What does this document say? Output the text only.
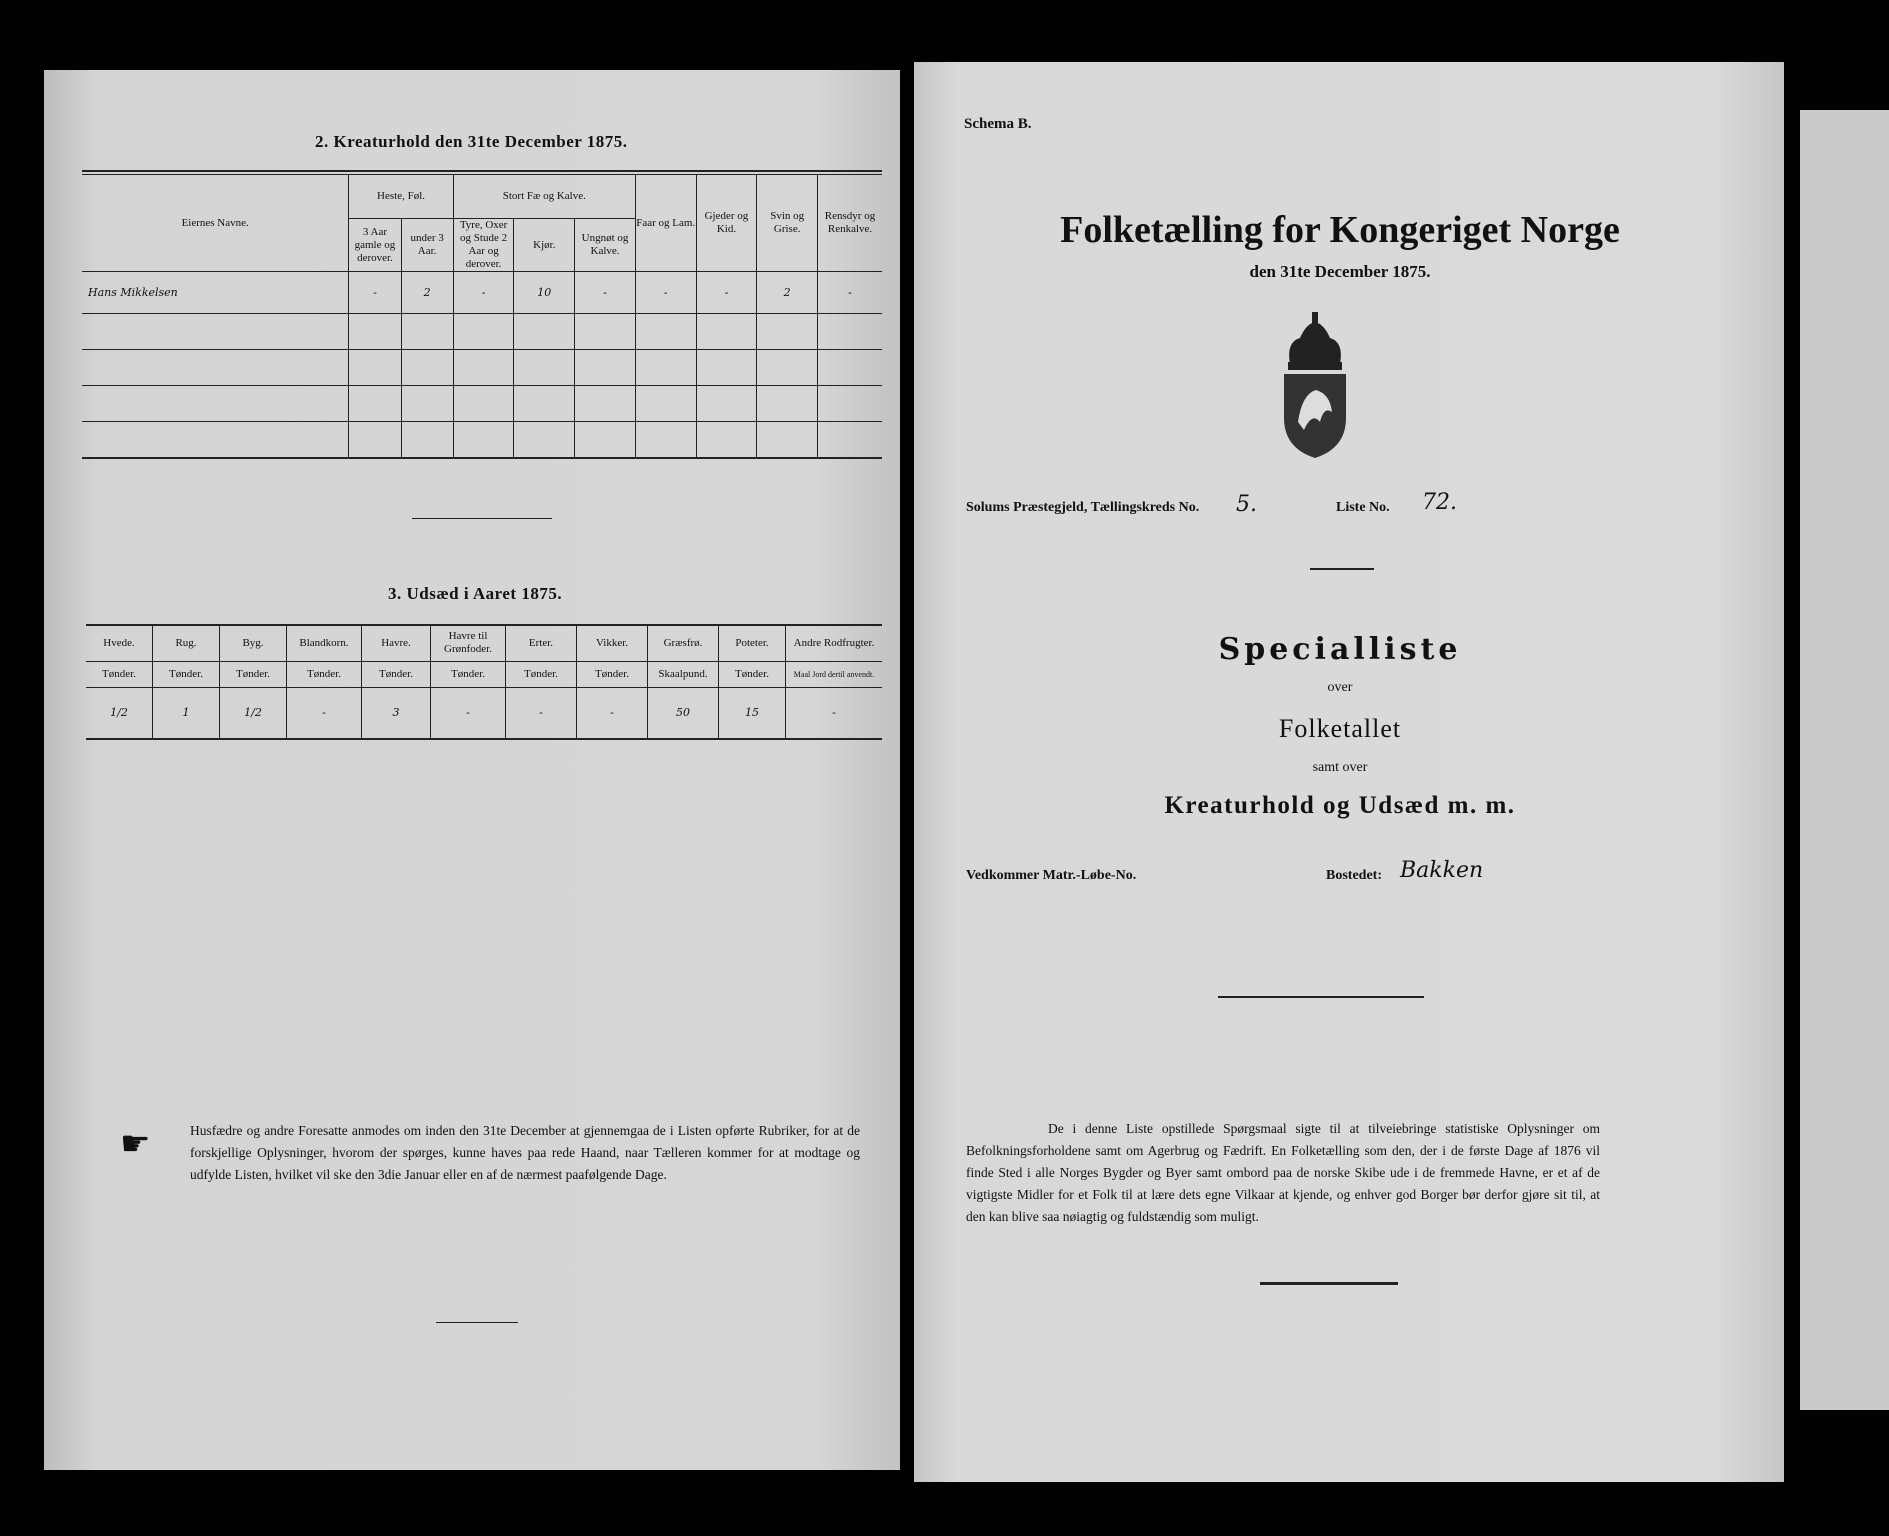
2. Kreaturhold den 31te December 1875.
Eiernes Navne.	Heste, Føl.		Stort Fæ og Kalve.			Faar og Lam.	Gjeder og Kid.	Svin og Grise.	Rensdyr og Renkalve.
	3 Aar gamle og derover.	under 3 Aar.	Tyre, Oxer og Stude 2 Aar og derover.	Kjør.	Ungnøt og Kalve.				
Hans Mikkelsen	-	2	-	10	-	-	-	2	-

3. Udsæd i Aaret 1875.
Hvede.	Rug.	Byg.	Blandkorn.	Havre.	Havre til Grønfoder.	Erter.	Vikker.	Græsfrø.	Poteter.	Andre Rodfrugter.
Tønder.	Tønder.	Tønder.	Tønder.	Tønder.	Tønder.	Tønder.	Tønder.	Skaalpund.	Tønder.	Maal Jord dertil anvendt.
1/2	1	1/2	-	3	-	-	-	50	15	-
☛	Husfædre og andre Foresatte anmodes om inden den 31te December at gjennemgaa de i Listen opførte Rubriker, for at de forskjellige Oplysninger, hvorom der spørges, kunne haves paa rede Haand, naar Tælleren kommer for at modtage og udfylde Listen, hvilket vil ske den 3die Januar eller en af de nærmest paafølgende Dage.
Schema B.
Folketælling for Kongeriget Norge
den 31te December 1875.
Solums Præstegjeld, Tællingskreds No. 5.	Liste No. 72.
Specialliste
over
Folketallet
samt over
Kreaturhold og Udsæd m. m.
Vedkommer Matr.-Løbe-No.	Bostedet: Bakken
De i denne Liste opstillede Spørgsmaal sigte til at tilveiebringe statistiske Oplysninger om Befolkningsforholdene samt om Agerbrug og Fædrift. En Folketælling som den, der i de første Dage af 1876 vil finde Sted i alle Norges Bygder og Byer samt ombord paa de norske Skibe ude i de fremmede Havne, er et af de vigtigste Midler for et Folk til at lære dets egne Vilkaar at kjende, og enhver god Borger bør derfor gjøre sit til, at den kan blive saa nøiagtig og fuldstændig som muligt.
